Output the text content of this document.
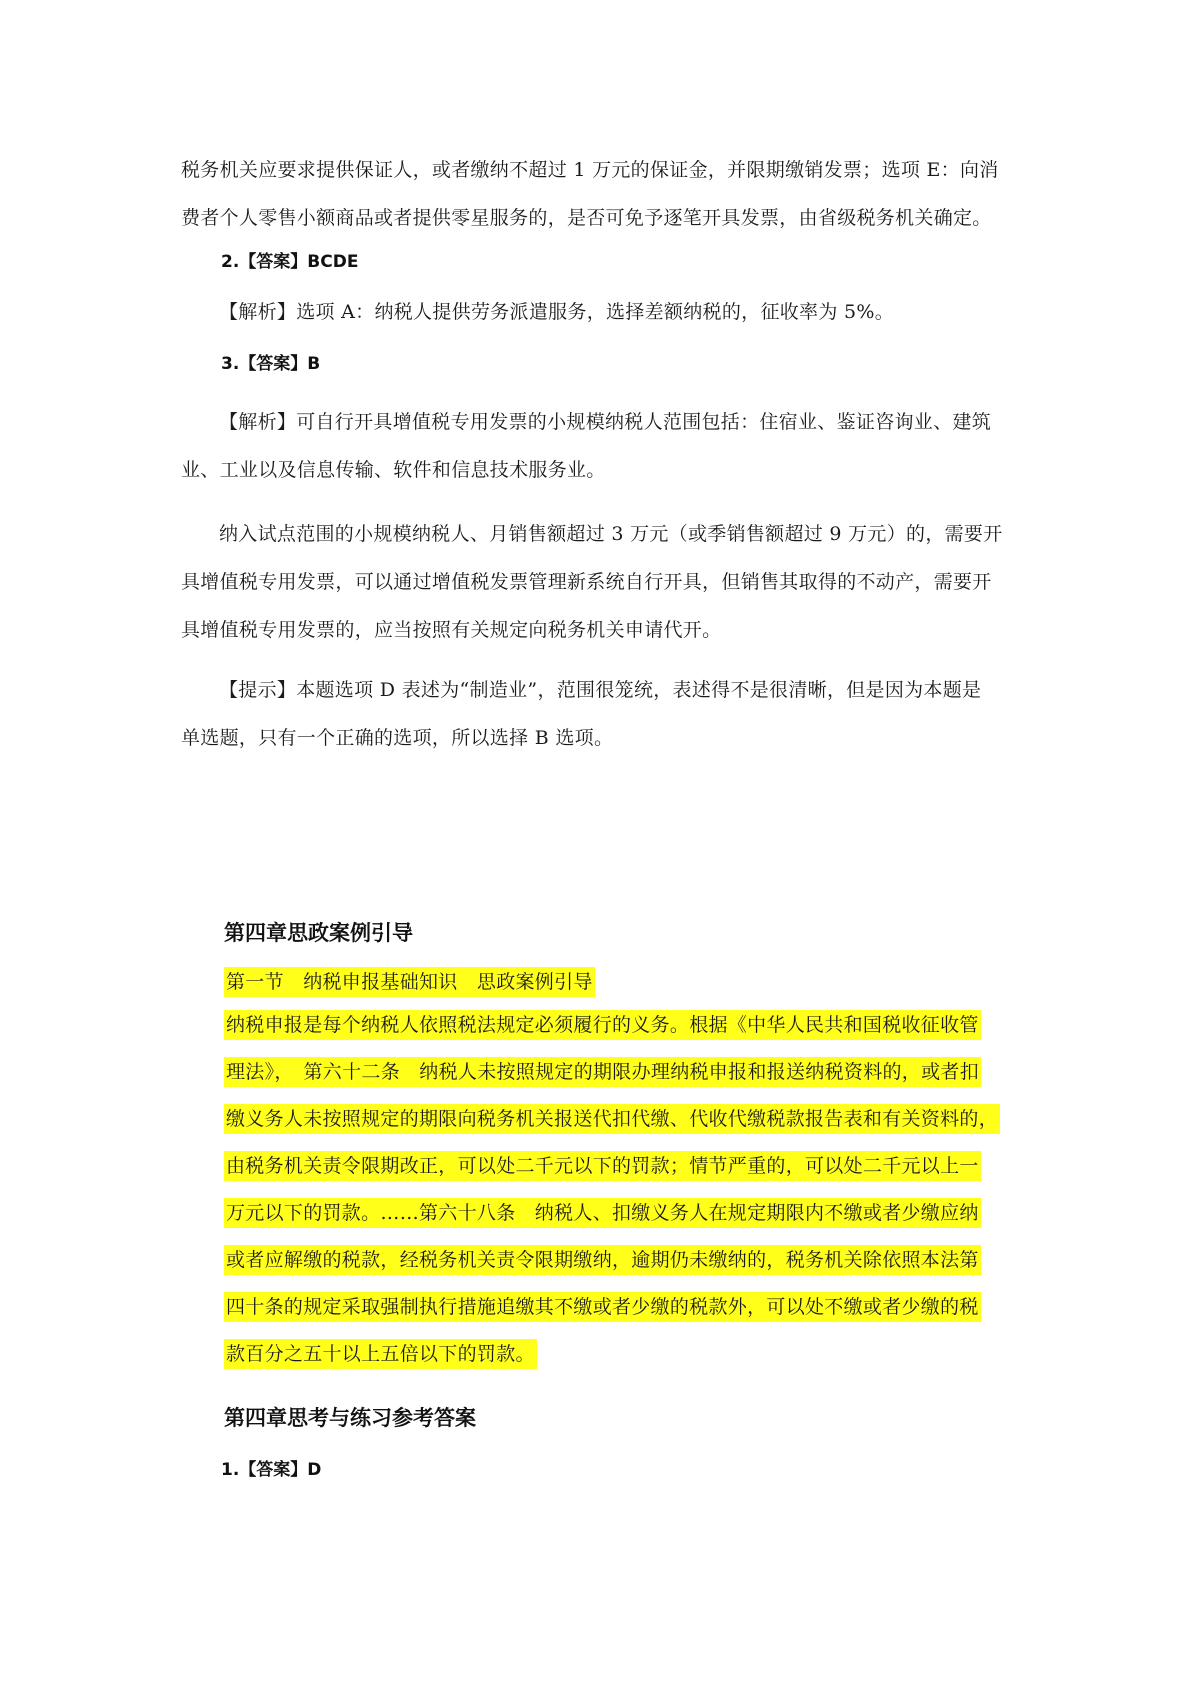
税务机关应要求提供保证人，或者缴纳不超过 1 万元的保证金，并限期缴销发票；选项 E：向消
费者个人零售小额商品或者提供零星服务的，是否可免予逐笔开具发票，由省级税务机关确定。
2.【答案】BCDE
【解析】选项 A：纳税人提供劳务派遣服务，选择差额纳税的，征收率为 5%。
3.【答案】B
【解析】可自行开具增值税专用发票的小规模纳税人范围包括：住宿业、鉴证咨询业、建筑
业、工业以及信息传输、软件和信息技术服务业。
纳入试点范围的小规模纳税人、月销售额超过 3 万元（或季销售额超过 9 万元）的，需要开
具增值税专用发票，可以通过增值税发票管理新系统自行开具，但销售其取得的不动产，需要开
具增值税专用发票的，应当按照有关规定向税务机关申请代开。
【提示】本题选项 D 表述为“制造业”，范围很笼统，表述得不是很清晰，但是因为本题是
单选题，只有一个正确的选项，所以选择 B 选项。
第四章思政案例引导
第一节　纳税申报基础知识　思政案例引导
纳税申报是每个纳税人依照税法规定必须履行的义务。根据《中华人民共和国税收征收管
理法》，　第六十二条　纳税人未按照规定的期限办理纳税申报和报送纳税资料的，或者扣
缴义务人未按照规定的期限向税务机关报送代扣代缴、代收代缴税款报告表和有关资料的，
由税务机关责令限期改正，可以处二千元以下的罚款；情节严重的，可以处二千元以上一
万元以下的罚款。……第六十八条　纳税人、扣缴义务人在规定期限内不缴或者少缴应纳
或者应解缴的税款，经税务机关责令限期缴纳，逾期仍未缴纳的，税务机关除依照本法第
四十条的规定采取强制执行措施追缴其不缴或者少缴的税款外，可以处不缴或者少缴的税
款百分之五十以上五倍以下的罚款。
第四章思考与练习参考答案
1.【答案】D
